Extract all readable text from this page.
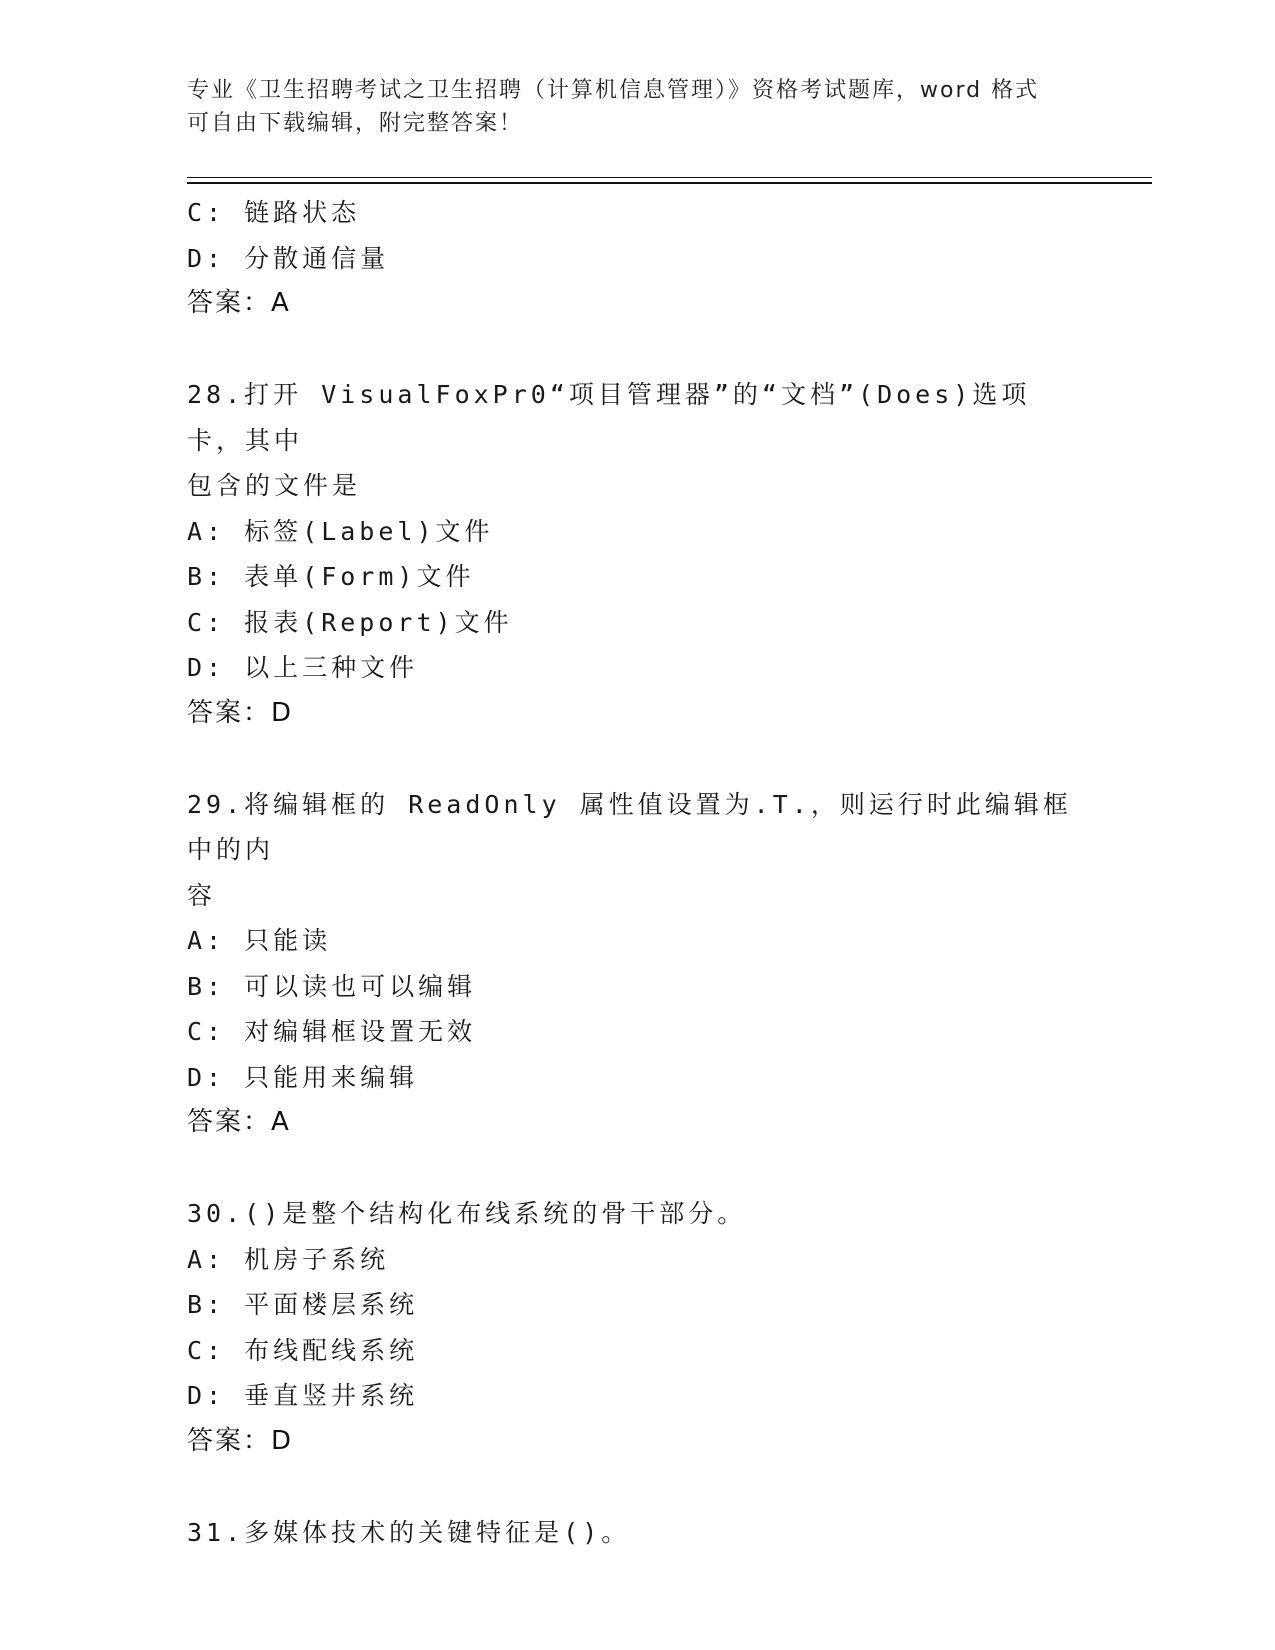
专业《卫生招聘考试之卫生招聘（计算机信息管理）》资格考试题库，word 格式
可自由下载编辑，附完整答案！

C: 链路状态

D: 分散通信量

答案：A

28.打开 VisualFoxPr0“项目管理器”的“文档”(Does)选项卡，其中

包含的文件是

A: 标签(Label)文件

B: 表单(Form)文件

C: 报表(Report)文件

D: 以上三种文件

答案：D

29.将编辑框的 ReadOnly 属性值设置为.T.，则运行时此编辑框中的内

容

A: 只能读

B: 可以读也可以编辑

C: 对编辑框设置无效

D: 只能用来编辑

答案：A

30.()是整个结构化布线系统的骨干部分。

A: 机房子系统

B: 平面楼层系统

C: 布线配线系统

D: 垂直竖井系统

答案：D

31.多媒体技术的关键特征是()。
